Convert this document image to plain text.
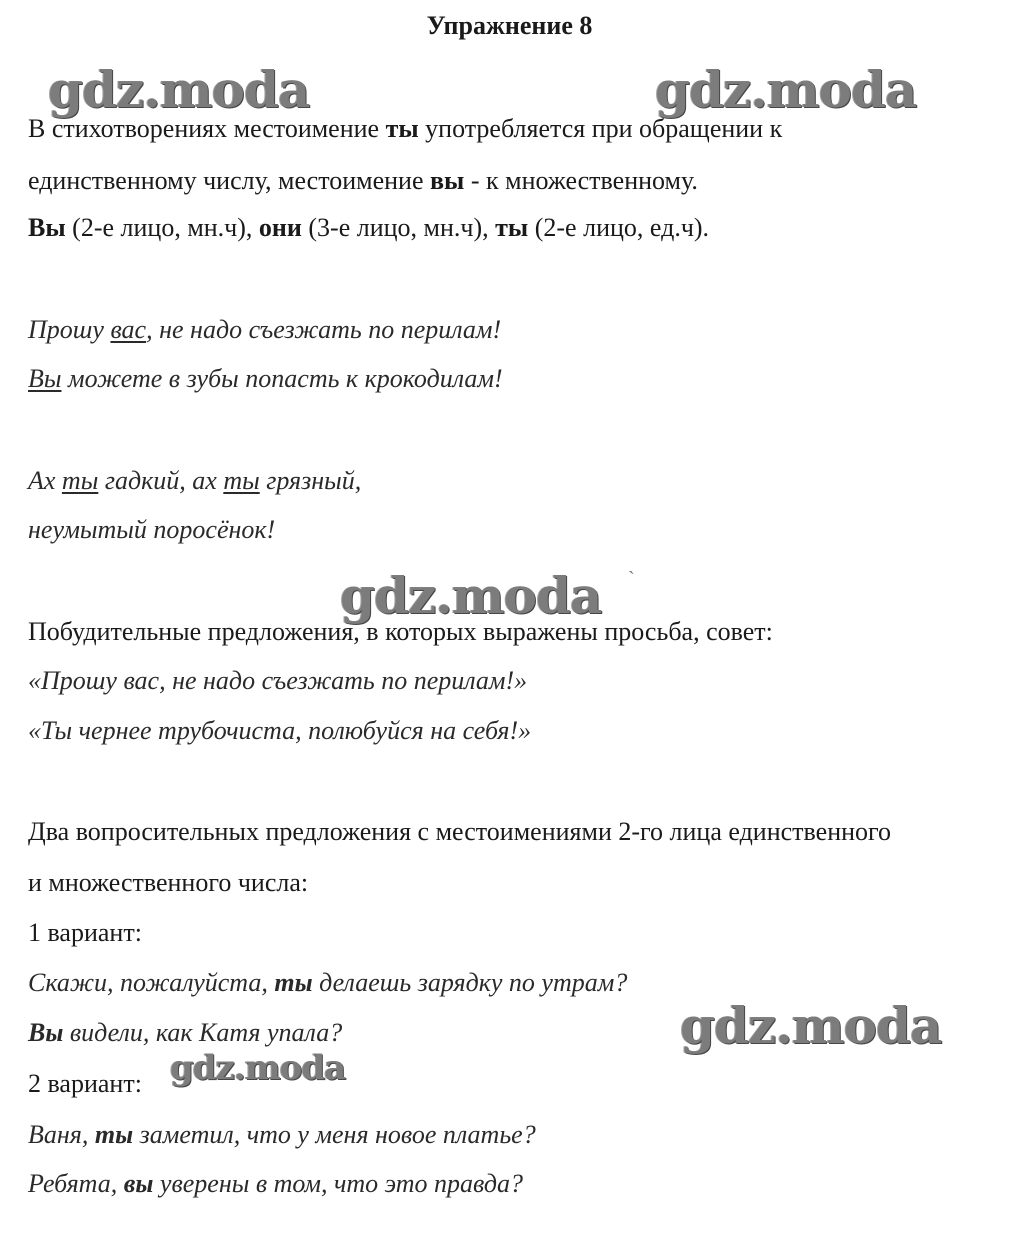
Упражнение 8
gdz.moda	gdz.moda
gdz.moda
gdz.moda
gdz.moda
`
В стихотворениях местоимение ты употребляется при обращении к
единственному числу, местоимение вы - к множественному.
Вы (2-е лицо, мн.ч), они (3-е лицо, мн.ч), ты (2-е лицо, ед.ч).
Прошу вас, не надо съезжать по перилам!
Вы можете в зубы попасть к крокодилам!
Ах ты гадкий, ах ты грязный,
неумытый поросёнок!
Побудительные предложения, в которых выражены просьба, совет:
«Прошу вас, не надо съезжать по перилам!»
«Ты чернее трубочиста, полюбуйся на себя!»
Два вопросительных предложения с местоимениями 2-го лица единственного
и множественного числа:
1 вариант:
Скажи, пожалуйста, ты делаешь зарядку по утрам?
Вы видели, как Катя упала?
2 вариант:
Ваня, ты заметил, что у меня новое платье?
Ребята, вы уверены в том, что это правда?
